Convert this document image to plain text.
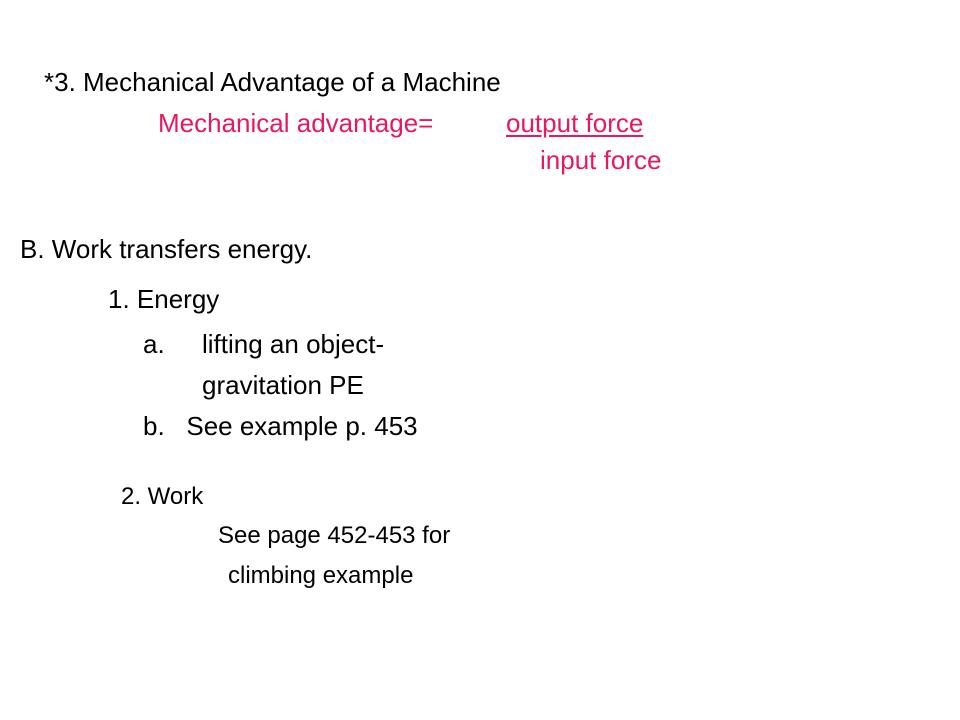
*3. Mechanical Advantage of a Machine
Mechanical advantage=	output force
input force
B. Work transfers energy.
1. Energy
a. lifting an object-
gravitation PE
b.   See example p. 453
2. Work
See page 452-453 for
climbing example
